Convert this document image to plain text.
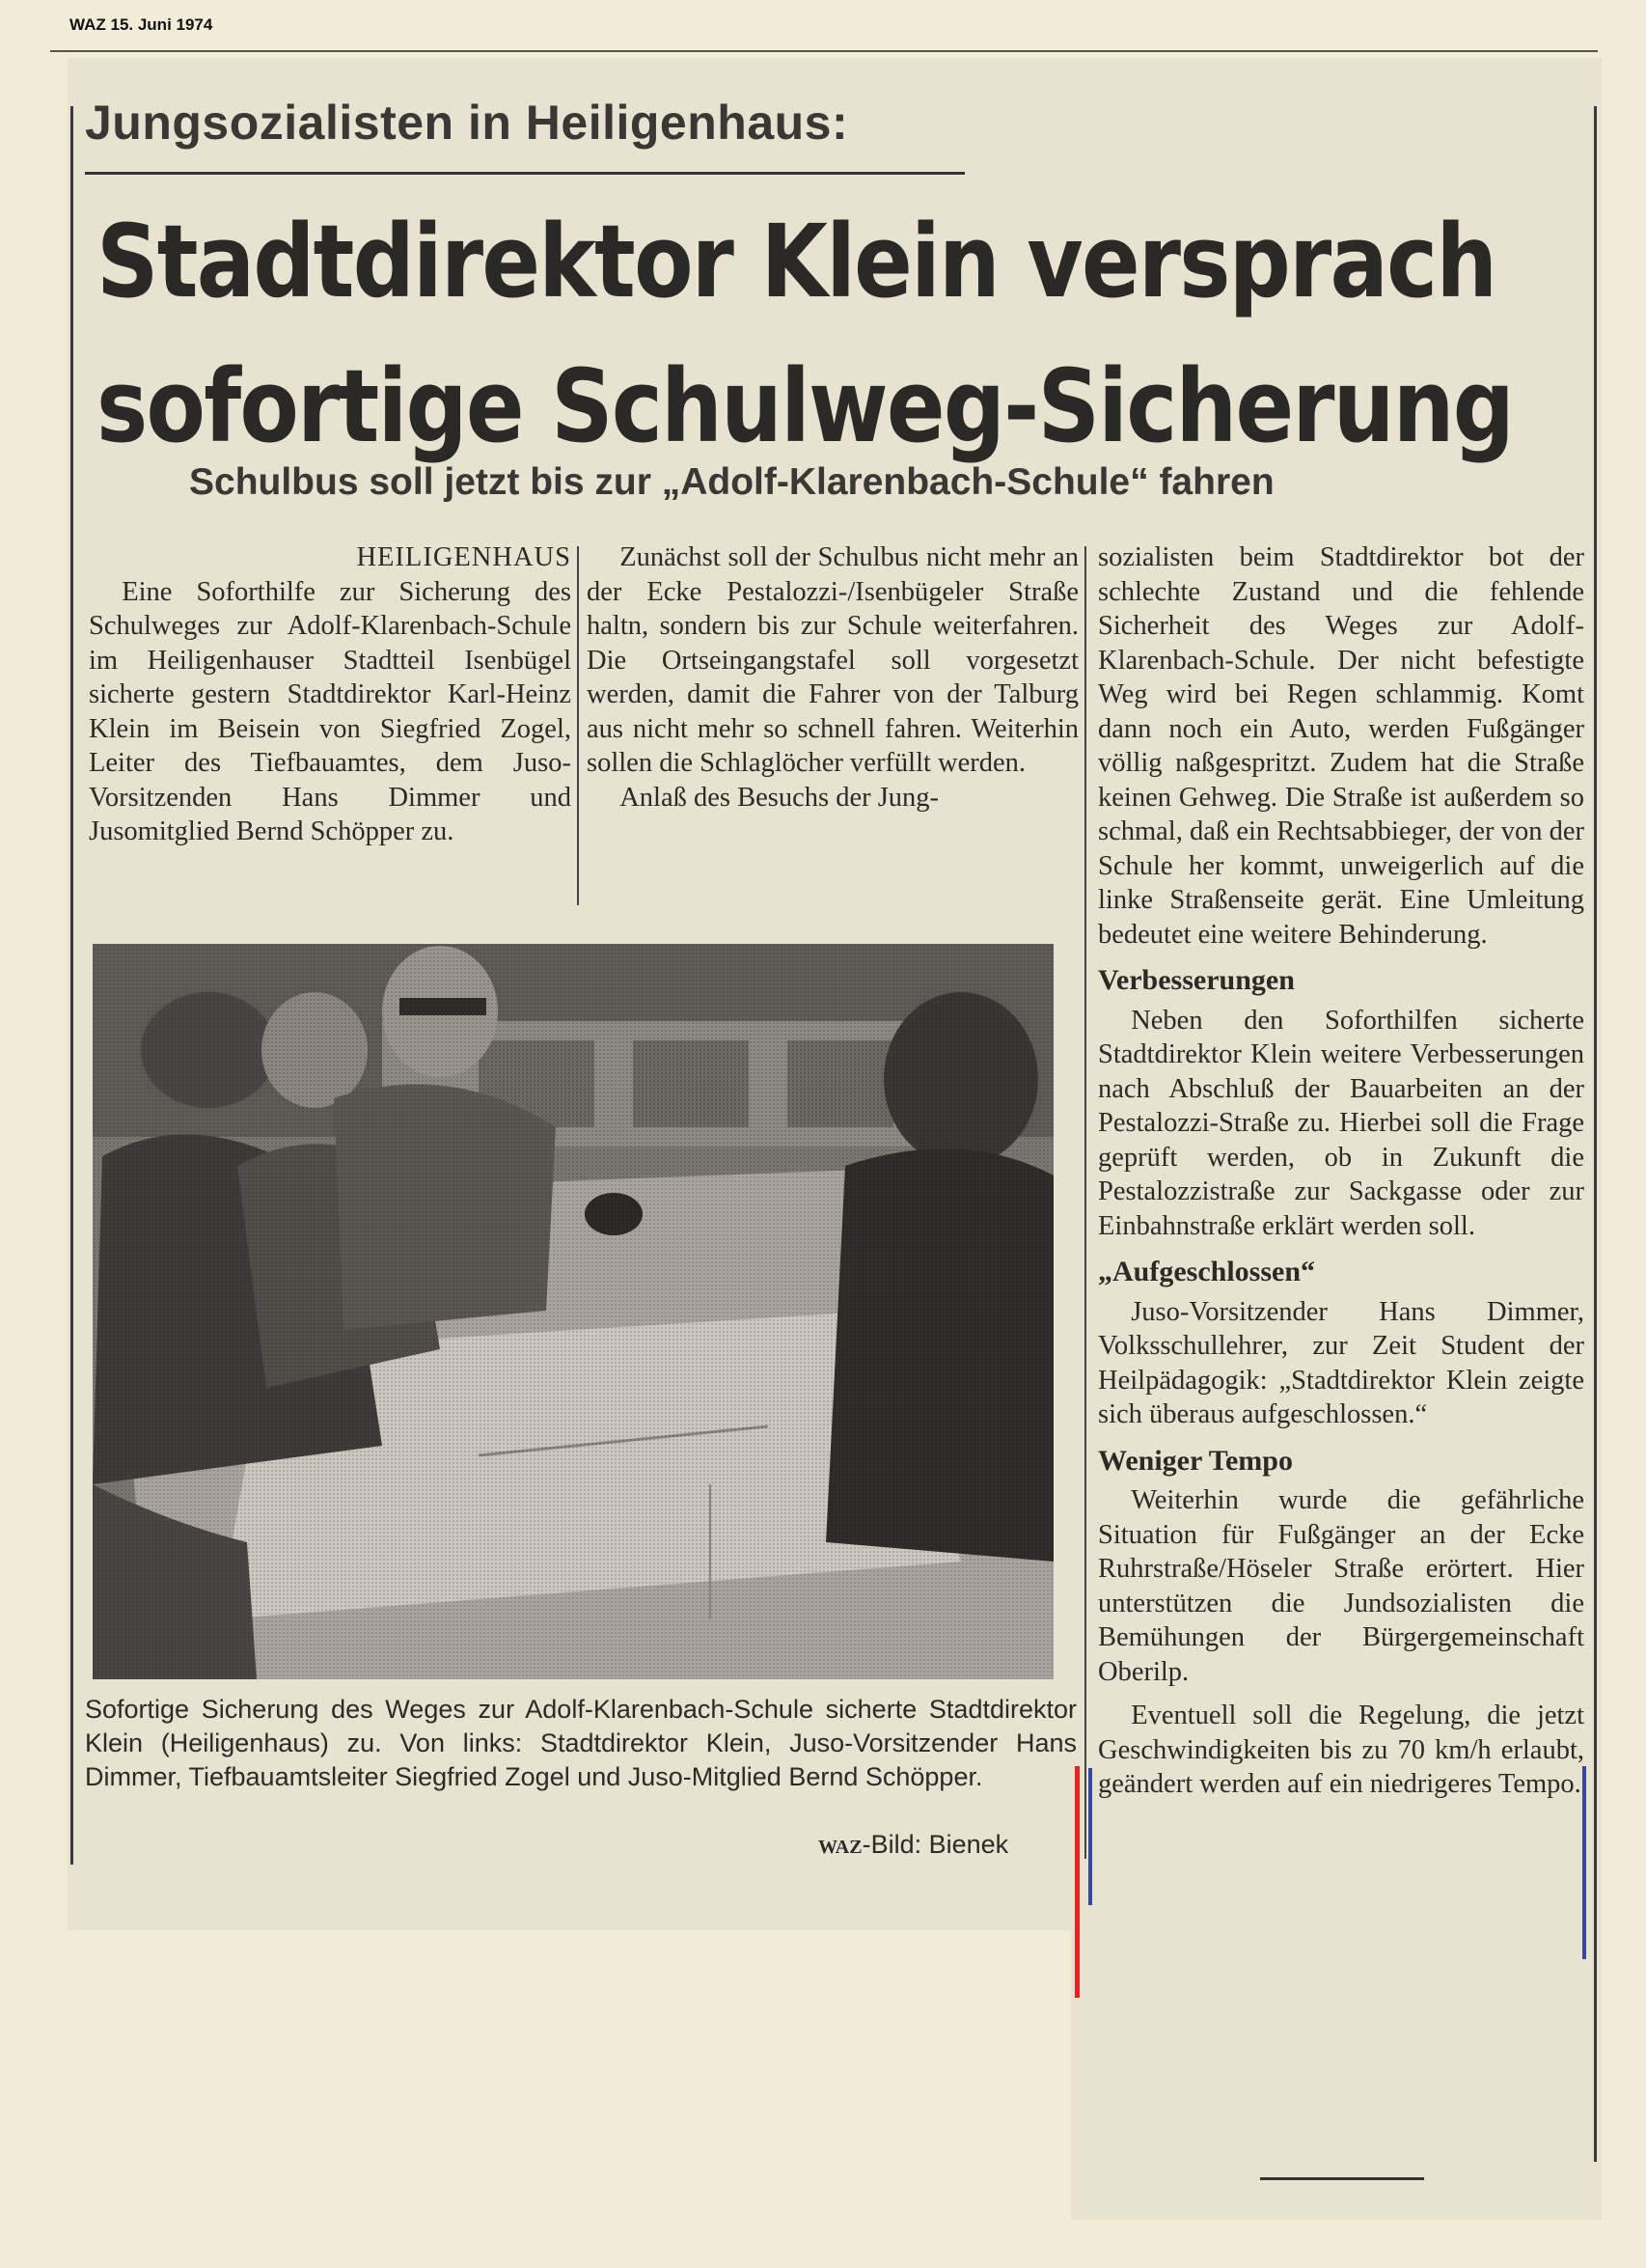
WAZ 15. Juni 1974
Jungsozialisten in Heiligenhaus:
Stadtdirektor Klein versprach
sofortige Schulweg-Sicherung
Schulbus soll jetzt bis zur „Adolf-Klarenbach-Schule“ fahren
HEILIGENHAUS

Eine Soforthilfe zur Sicherung des Schulweges zur Adolf-Klarenbach-Schule im Heiligenhauser Stadtteil Isenbügel sicherte gestern Stadtdirektor Karl-Heinz Klein im Beisein von Siegfried Zogel, Leiter des Tiefbauamtes, dem Juso-Vorsitzenden Hans Dimmer und Jusomitglied Bernd Schöpper zu.

Zunächst soll der Schulbus nicht mehr an der Ecke Pestalozzi-/Isenbügeler Straße haltn, sondern bis zur Schule weiterfahren. Die Ortseingangstafel soll vorgesetzt werden, damit die Fahrer von der Talburg aus nicht mehr so schnell fahren. Weiterhin sollen die Schlaglöcher verfüllt werden.

Anlaß des Besuchs der Jung-

sozialisten beim Stadtdirektor bot der schlechte Zustand und die fehlende Sicherheit des Weges zur Adolf-Klarenbach-Schule. Der nicht befestigte Weg wird bei Regen schlammig. Komt dann noch ein Auto, werden Fußgänger völlig naßgespritzt. Zudem hat die Straße keinen Gehweg. Die Straße ist außerdem so schmal, daß ein Rechtsabbieger, der von der Schule her kommt, unweigerlich auf die linke Straßenseite gerät. Eine Umleitung bedeutet eine weitere Behinderung.

Verbesserungen

Neben den Soforthilfen sicherte Stadtdirektor Klein weitere Verbesserungen nach Abschluß der Bauarbeiten an der Pestalozzi-Straße zu. Hierbei soll die Frage geprüft werden, ob in Zukunft die Pestalozzistraße zur Sackgasse oder zur Einbahnstraße erklärt werden soll.

„Aufgeschlossen“

Juso-Vorsitzender Hans Dimmer, Volksschullehrer, zur Zeit Student der Heilpädagogik: „Stadtdirektor Klein zeigte sich überaus aufgeschlossen.“

Weniger Tempo

Weiterhin wurde die gefährliche Situation für Fußgänger an der Ecke Ruhrstraße/Höseler Straße erörtert. Hier unterstützen die Jundsozialisten die Bemühungen der Bürgergemeinschaft Oberilp.

Eventuell soll die Regelung, die jetzt Geschwindigkeiten bis zu 70 km/h erlaubt, geändert werden auf ein niedrigeres Tempo.

Sofortige Sicherung des Weges zur Adolf-Klarenbach-Schule sicherte Stadtdirektor Klein (Heiligenhaus) zu. Von links: Stadtdirektor Klein, Juso-Vorsitzender Hans Dimmer, Tiefbauamtsleiter Siegfried Zogel und Juso-Mitglied Bernd Schöpper.
WAZ-Bild: Bienek
